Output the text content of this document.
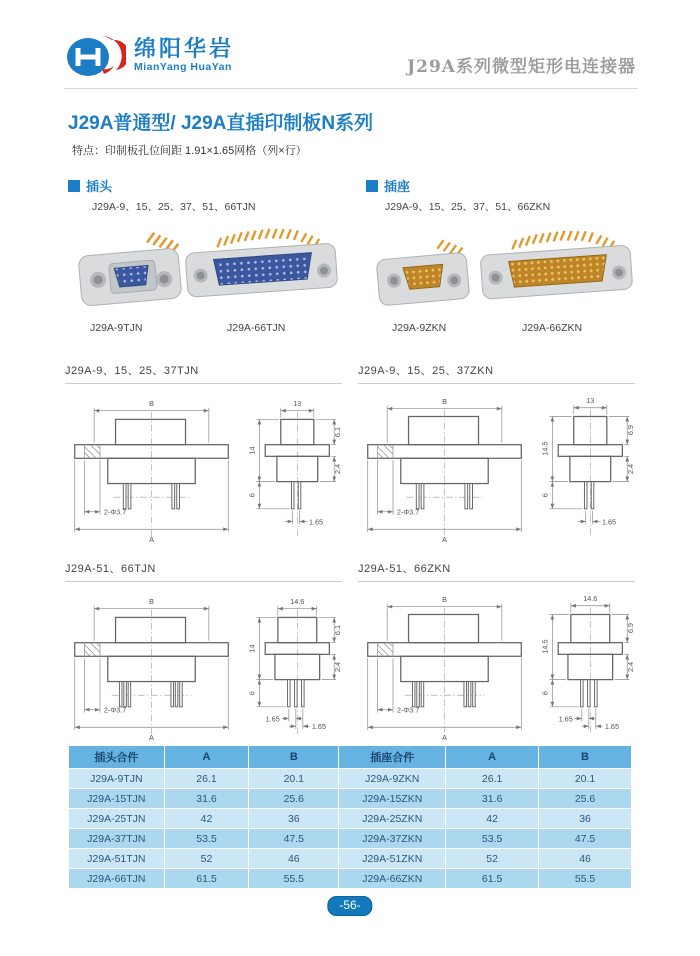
绵阳华岩
MianYang HuaYan	J29A系列微型矩形电连接器
J29A普通型/ J29A直插印制板N系列
特点：印制板孔位间距 1.91×1.65网格（列×行）
插头	插座
J29A-9、15、25、37、51、66TJN	J29A-9、15、25、37、51、66ZKN
J29A-9TJN	J29A-66TJN	J29A-9ZKN	J29A-66ZKN
J29A-9、15、25、37TJN
B
A
2-Φ3.7
13
6.1
2.4
14
6
1.65
J29A-9、15、25、37ZKN
B
A
2-Φ3.7
13
6.9
2.4
14.5
6
1.65
J29A-51、66TJN
B
A
2-Φ3.7
14.6
6.1
2.4
14
6
1.65
1.65
J29A-51、66ZKN
B
A
2-Φ3.7
14.6
6.9
2.4
14.5
6
1.65
1.65
插头合件	A	B	插座合件	A	B
J29A-9TJN	26.1	20.1	J29A-9ZKN	26.1	20.1
J29A-15TJN	31.6	25.6	J29A-15ZKN	31.6	25.6
J29A-25TJN	42	36	J29A-25ZKN	42	36
J29A-37TJN	53.5	47.5	J29A-37ZKN	53.5	47.5
J29A-51TJN	52	46	J29A-51ZKN	52	46
J29A-66TJN	61.5	55.5	J29A-66ZKN	61.5	55.5
-56-
